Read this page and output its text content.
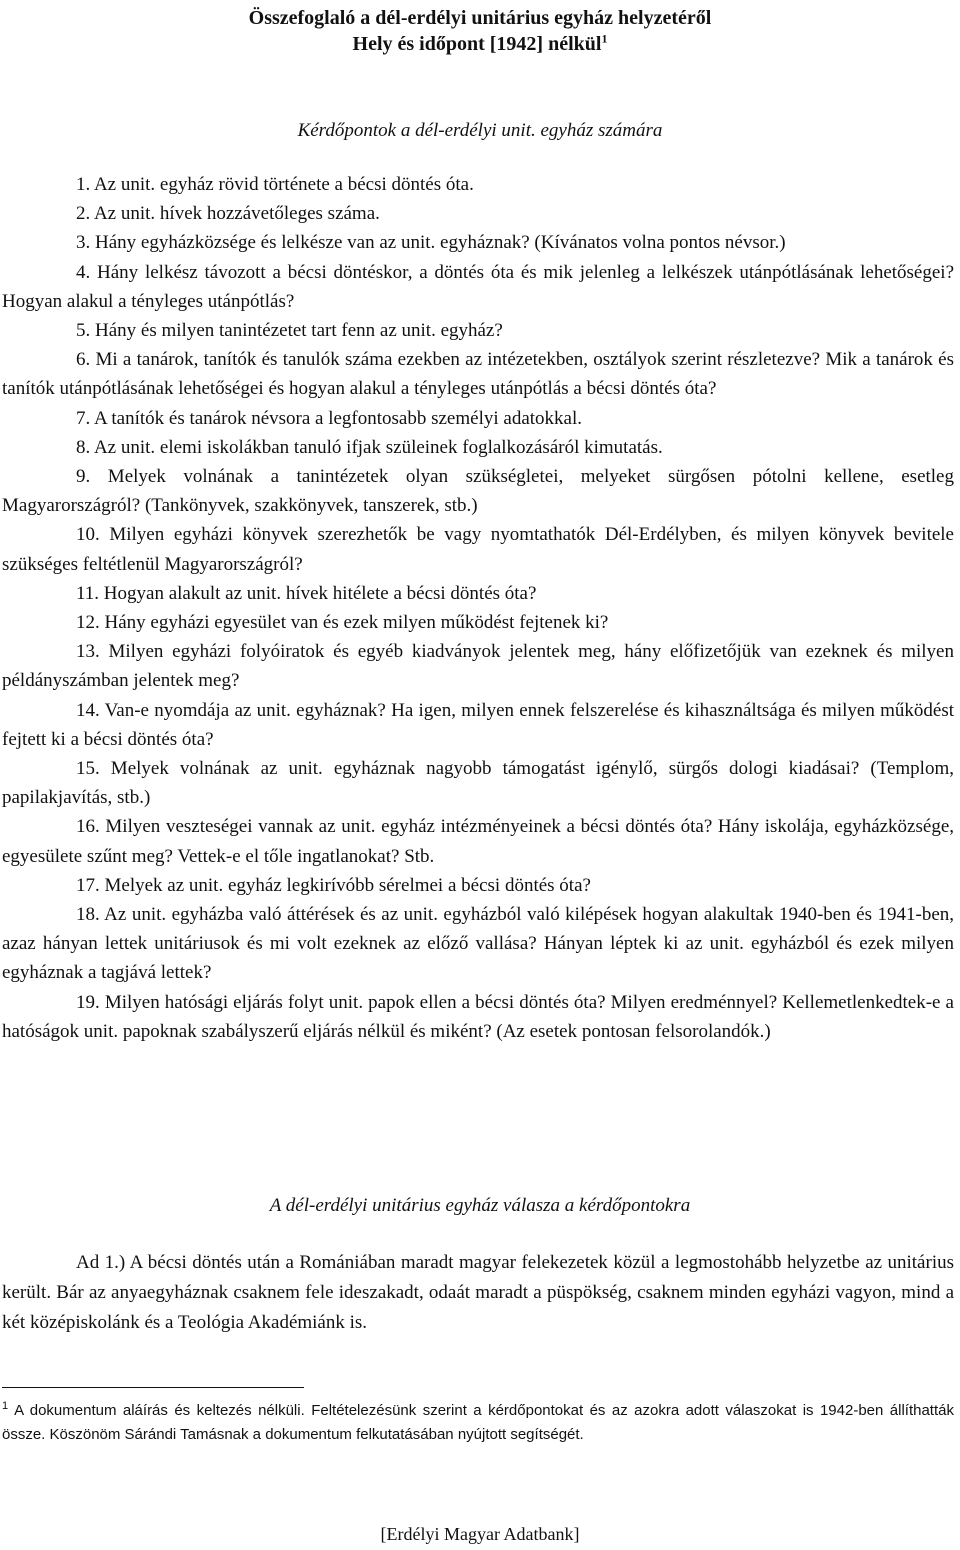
Összefoglaló a dél-erdélyi unitárius egyház helyzetéről
Hely és időpont [1942] nélkül$^1$

Kérdőpontok a dél-erdélyi unit. egyház számára

1. Az unit. egyház rövid története a bécsi döntés óta.

2. Az unit. hívek hozzávetőleges száma.

3. Hány egyházközsége és lelkésze van az unit. egyháznak? (Kívánatos volna pontos névsor.)

4. Hány lelkész távozott a bécsi döntéskor, a döntés óta és mik jelenleg a lelkészek utánpótlásának lehetőségei? Hogyan alakul a tényleges utánpótlás?

5. Hány és milyen tanintézetet tart fenn az unit. egyház?

6. Mi a tanárok, tanítók és tanulók száma ezekben az intézetekben, osztályok szerint részletezve? Mik a tanárok és tanítók utánpótlásának lehetőségei és hogyan alakul a tényleges utánpótlás a bécsi döntés óta?

7. A tanítók és tanárok névsora a legfontosabb személyi adatokkal.

8. Az unit. elemi iskolákban tanuló ifjak szüleinek foglalkozásáról kimutatás.

9. Melyek volnának a tanintézetek olyan szükségletei, melyeket sürgősen pótolni kellene, esetleg Magyarországról? (Tankönyvek, szakkönyvek, tanszerek, stb.)

10. Milyen egyházi könyvek szerezhetők be vagy nyomtathatók Dél-Erdélyben, és milyen könyvek bevitele szükséges feltétlenül Magyarországról?

11. Hogyan alakult az unit. hívek hitélete a bécsi döntés óta?

12. Hány egyházi egyesület van és ezek milyen működést fejtenek ki?

13. Milyen egyházi folyóiratok és egyéb kiadványok jelentek meg, hány előfizetőjük van ezeknek és milyen példányszámban jelentek meg?

14. Van-e nyomdája az unit. egyháznak? Ha igen, milyen ennek felszerelése és kihasználtsága és milyen működést fejtett ki a bécsi döntés óta?

15. Melyek volnának az unit. egyháznak nagyobb támogatást igénylő, sürgős dologi kiadásai? (Templom, papilakjavítás, stb.)

16. Milyen veszteségei vannak az unit. egyház intézményeinek a bécsi döntés óta? Hány iskolája, egyházközsége, egyesülete szűnt meg? Vettek-e el tőle ingatlanokat? Stb.

17. Melyek az unit. egyház legkirívóbb sérelmei a bécsi döntés óta?

18. Az unit. egyházba való áttérések és az unit. egyházból való kilépések hogyan alakultak 1940-ben és 1941-ben, azaz hányan lettek unitáriusok és mi volt ezeknek az előző vallása? Hányan léptek ki az unit. egyházból és ezek milyen egyháznak a tagjává lettek?

19. Milyen hatósági eljárás folyt unit. papok ellen a bécsi döntés óta? Milyen eredménnyel? Kellemetlenkedtek-e a hatóságok unit. papoknak szabályszerű eljárás nélkül és miként? (Az esetek pontosan felsorolandók.)

A dél-erdélyi unitárius egyház válasza a kérdőpontokra

Ad 1.) A bécsi döntés után a Romániában maradt magyar felekezetek közül a legmostohább helyzetbe az unitárius került. Bár az anyaegyháznak csaknem fele ideszakadt, odaát maradt a püspökség, csaknem minden egyházi vagyon, mind a két középiskolánk és a Teológia Akadémiánk is.

$^1$ A dokumentum aláírás és keltezés nélküli. Feltételezésünk szerint a kérdőpontokat és az azokra adott válaszokat is 1942-ben állíthatták össze. Köszönöm Sárándi Tamásnak a dokumentum felkutatásában nyújtott segítségét.

[Erdélyi Magyar Adatbank]
